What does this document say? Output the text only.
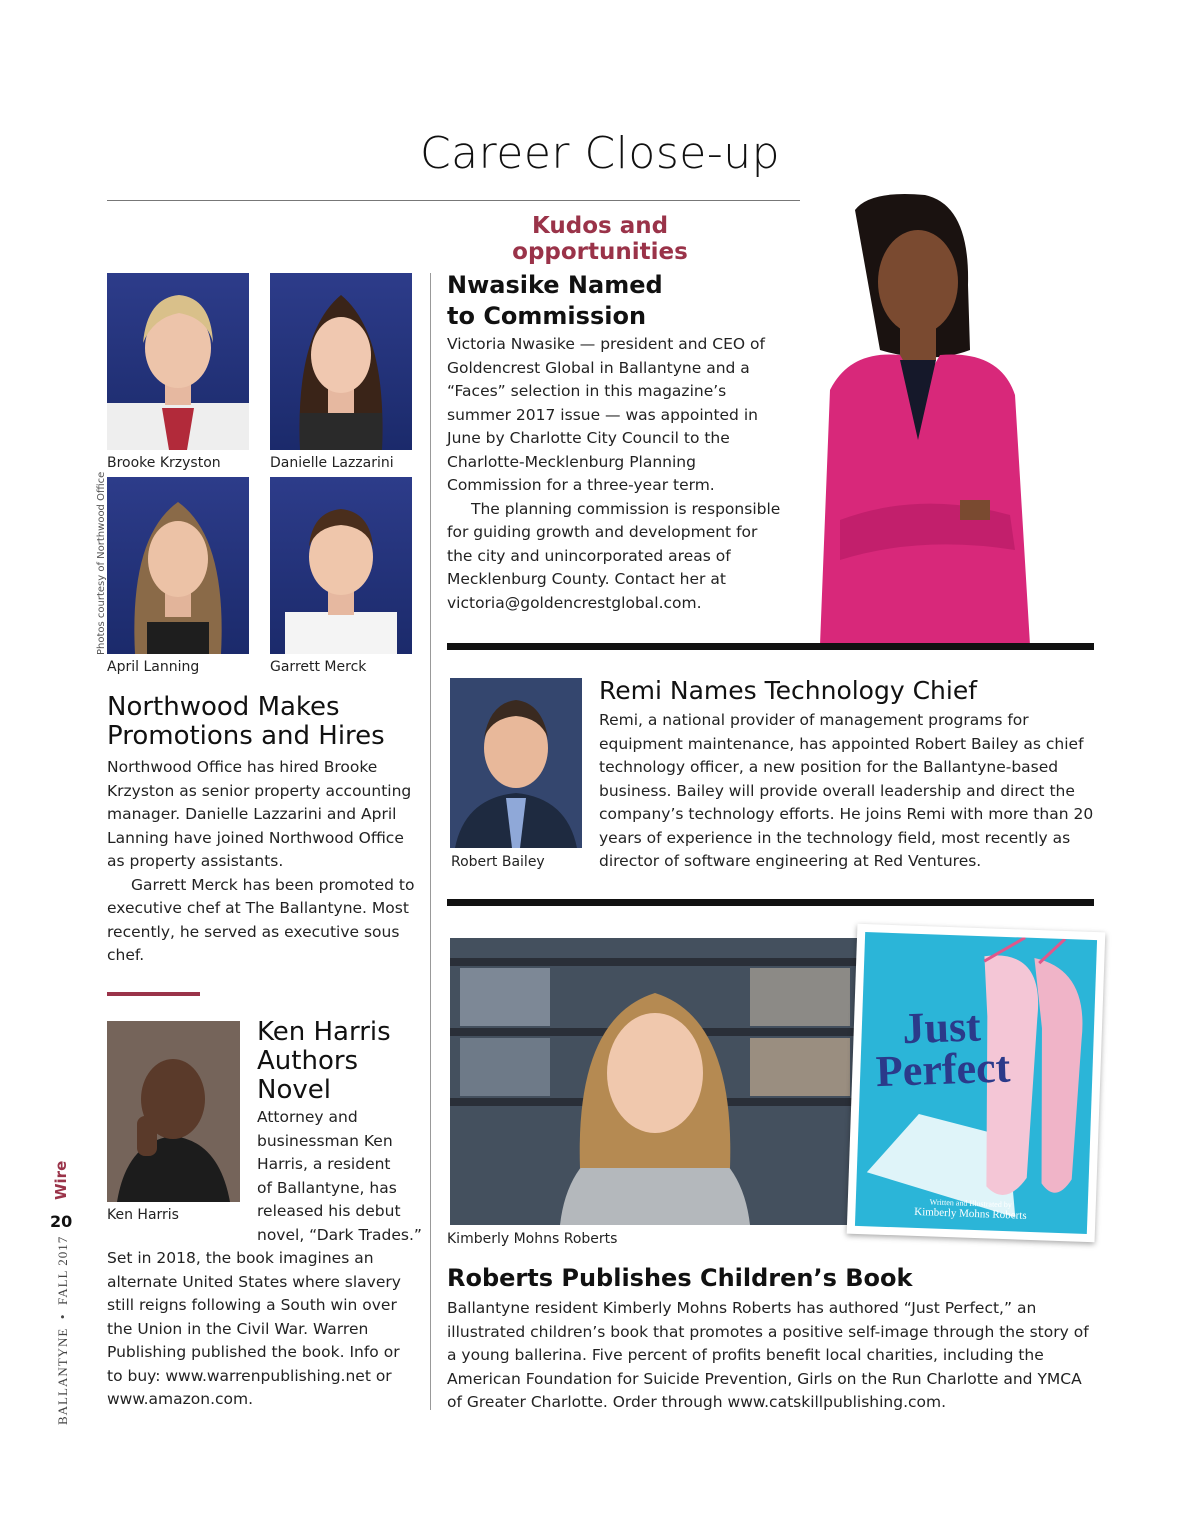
Career Close-up
Kudos and opportunities
20
Wire
BALLANTYNE  •  FALL 2017
Photos courtesy of Northwood Office
Brooke Krzyston	Danielle Lazzarini
April Lanning	Garrett Merck
Northwood Makes
Promotions and Hires

Northwood Office has hired Brooke Krzyston as senior property accounting manager. Danielle Lazzarini and April Lanning have joined Northwood Office as property assistants.

Garrett Merck has been promoted to executive chef at The Ballantyne. Most recently, he served as executive sous chef.

Ken Harris
Ken Harris
Authors
Novel
Attorney and
businessman Ken
Harris, a resident
of Ballantyne, has
released his debut
novel, “Dark Trades.”
Set in 2018, the book imagines an alternate United States where slavery still reigns following a South win over the Union in the Civil War. Warren Publishing published the book. Info or to buy: www.warrenpublishing.net or www.amazon.com.
Nwasike Named
to Commission

Victoria Nwasike — president and CEO of Goldencrest Global in Ballantyne and a “Faces” selection in this magazine’s summer 2017 issue — was appointed in June by Charlotte City Council to the Charlotte-Mecklenburg Planning Commission for a three-year term.

The planning commission is responsible for guiding growth and development for the city and unincorporated areas of Mecklenburg County. Contact her at victoria@goldencrestglobal.com.

Robert Bailey
Remi Names Technology Chief
Remi, a national provider of management programs for equipment maintenance, has appointed Robert Bailey as chief technology officer, a new position for the Ballantyne-based business. Bailey will provide overall leadership and direct the company’s technology efforts. He joins Remi with more than 20 years of experience in the technology field, most recently as director of software engineering at Red Ventures.
Kimberly Mohns Roberts
Just
Perfect
Written and Illustrated by
Kimberly Mohns Roberts
Roberts Publishes Children’s Book
Ballantyne resident Kimberly Mohns Roberts has authored “Just Perfect,” an illustrated children’s book that promotes a positive self-image through the story of a young ballerina. Five percent of profits benefit local charities, including the American Foundation for Suicide Prevention, Girls on the Run Charlotte and YMCA of Greater Charlotte. Order through www.catskillpublishing.com.
